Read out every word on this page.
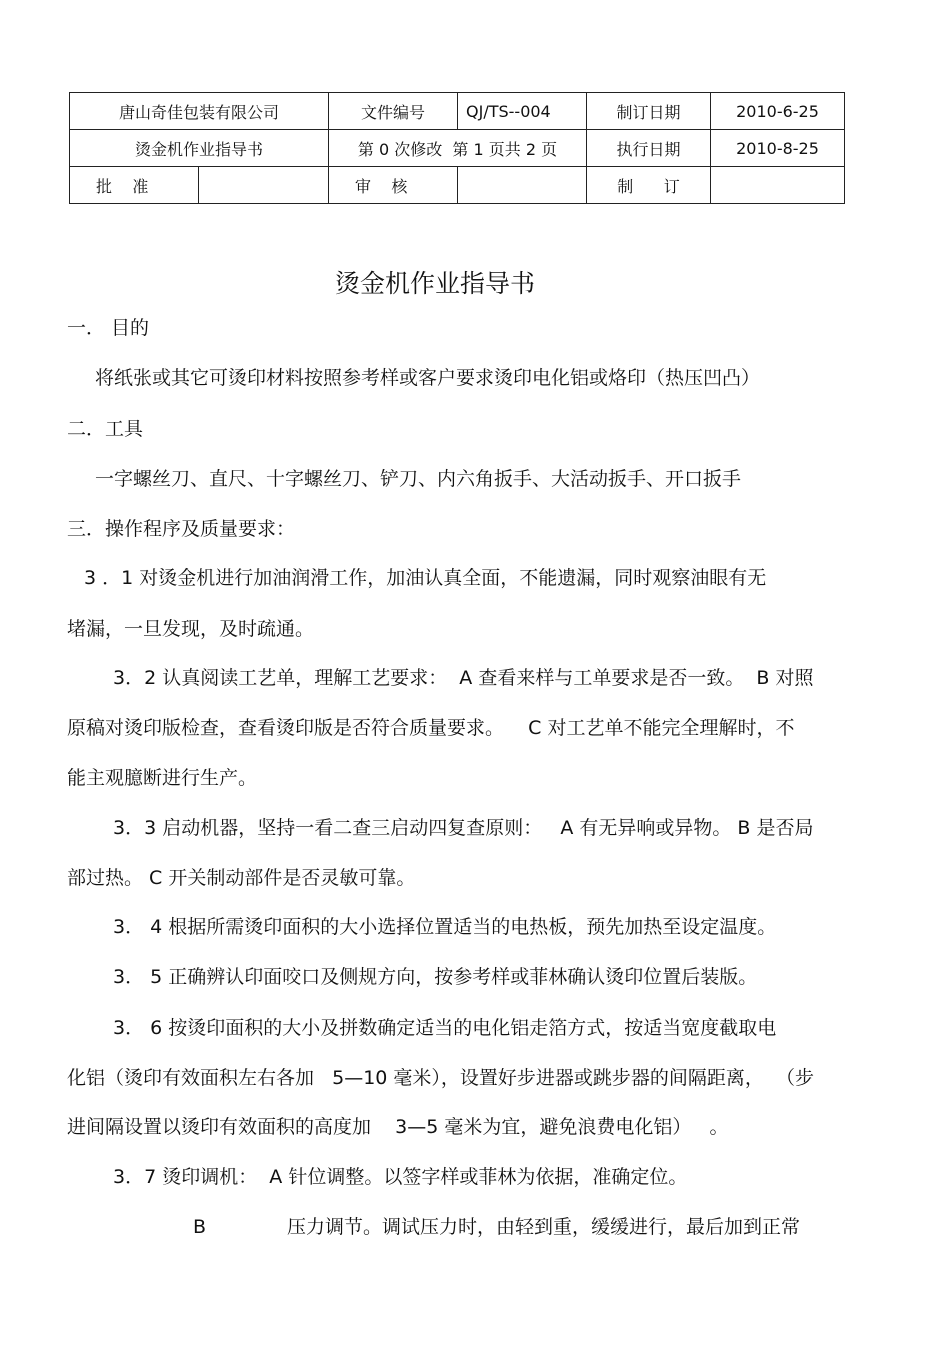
唐山奇佳包装有限公司		文件编号	QJ/TS--004	制订日期	2010-6-25
烫金机作业指导书		第 0 次修改  第 1 页共 2 页		执行日期	2010-8-25
批    准		审    核		制      订	
烫金机作业指导书
一． 目的
将纸张或其它可烫印材料按照参考样或客户要求烫印电化铝或烙印（热压凹凸）
二．工具
一字螺丝刀、直尺、十字螺丝刀、铲刀、内六角扳手、大活动扳手、开口扳手
三．操作程序及质量要求：
3 ．1 对烫金机进行加油润滑工作，加油认真全面，不能遗漏，同时观察油眼有无
堵漏，一旦发现，及时疏通。
3．2 认真阅读工艺单，理解工艺要求：  A 查看来样与工单要求是否一致。  B 对照
原稿对烫印版检查，查看烫印版是否符合质量要求。    C 对工艺单不能完全理解时，不
能主观臆断进行生产。
3．3 启动机器，坚持一看二查三启动四复查原则：   A 有无异响或异物。 B 是否局
部过热。 C 开关制动部件是否灵敏可靠。
3． 4 根据所需烫印面积的大小选择位置适当的电热板，预先加热至设定温度。
3． 5 正确辨认印面咬口及侧规方向，按参考样或菲林确认烫印位置后装版。
3． 6 按烫印面积的大小及拼数确定适当的电化铝走箔方式，按适当宽度截取电
化铝（烫印有效面积左右各加   5—10 毫米），设置好步进器或跳步器的间隔距离，  （步
进间隔设置以烫印有效面积的高度加    3—5 毫米为宜，避免浪费电化铝）   。
3．7 烫印调机：  A 针位调整。以签字样或菲林为依据，准确定位。
B	压力调节。调试压力时，由轻到重，缓缓进行，最后加到正常
